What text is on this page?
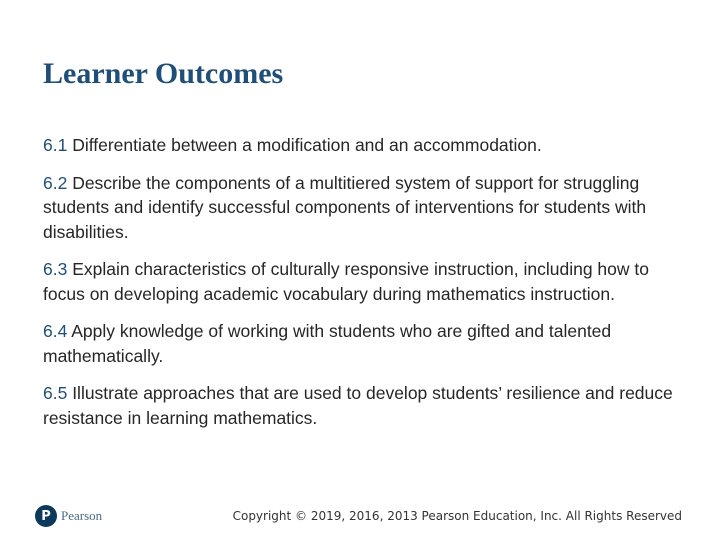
Learner Outcomes

6.1 Differentiate between a modification and an accommodation.

6.2 Describe the components of a multitiered system of support for struggling students and identify successful components of interventions for students with disabilities.

6.3 Explain characteristics of culturally responsive instruction, including how to focus on developing academic vocabulary during mathematics instruction.

6.4 Apply knowledge of working with students who are gifted and talented mathematically.

6.5 Illustrate approaches that are used to develop students’ resilience and reduce resistance in learning mathematics.

P Pearson	Copyright © 2019, 2016, 2013 Pearson Education, Inc. All Rights Reserved
